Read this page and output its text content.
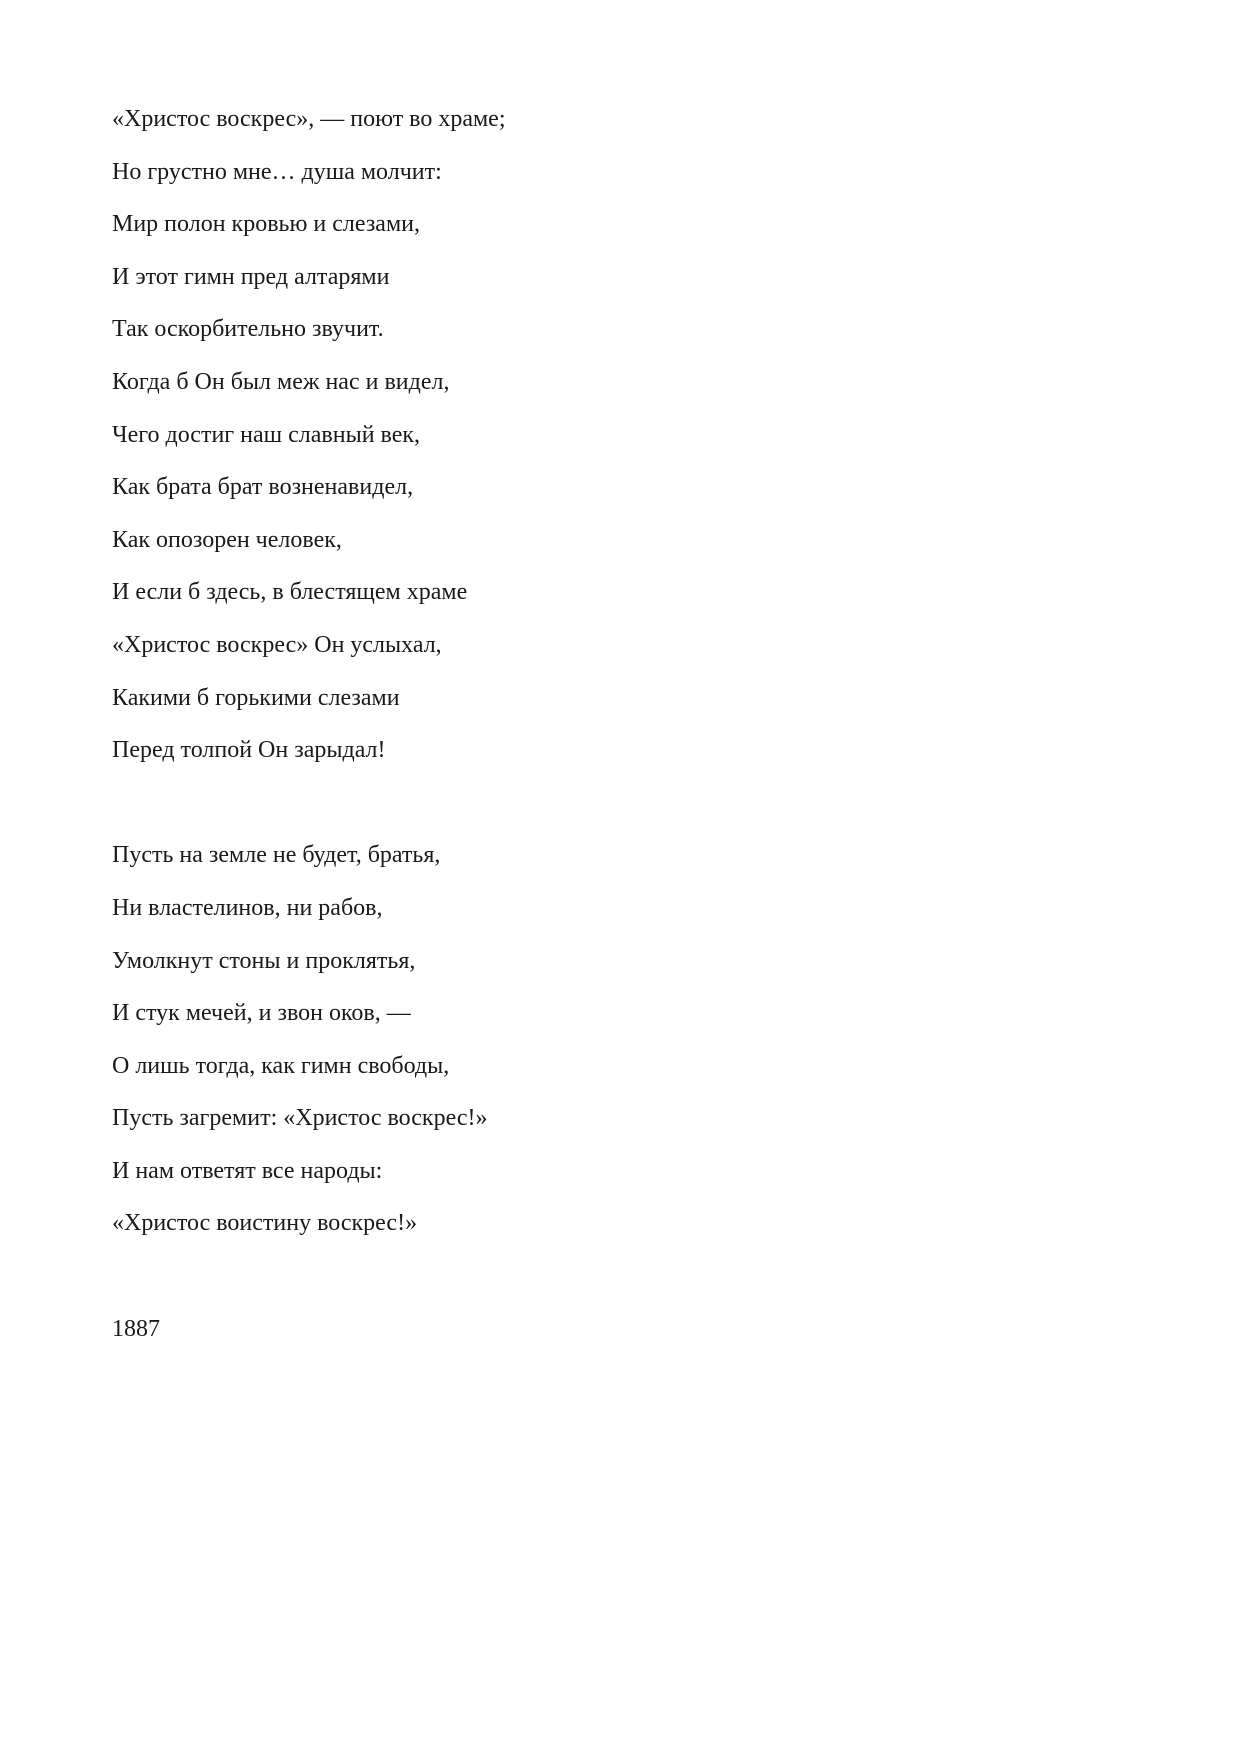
«Христос воскрес», — поют во храме;
Но грустно мне… душа молчит:
Мир полон кровью и слезами,
И этот гимн пред алтарями
Так оскорбительно звучит.
Когда б Он был меж нас и видел,
Чего достиг наш славный век,
Как брата брат возненавидел,
Как опозорен человек,
И если б здесь, в блестящем храме
«Христос воскрес» Он услыхал,
Какими б горькими слезами
Перед толпой Он зарыдал!
Пусть на земле не будет, братья,
Ни властелинов, ни рабов,
Умолкнут стоны и проклятья,
И стук мечей, и звон оков, —
О лишь тогда, как гимн свободы,
Пусть загремит: «Христос воскрес!»
И нам ответят все народы:
«Христос воистину воскрес!»
1887
